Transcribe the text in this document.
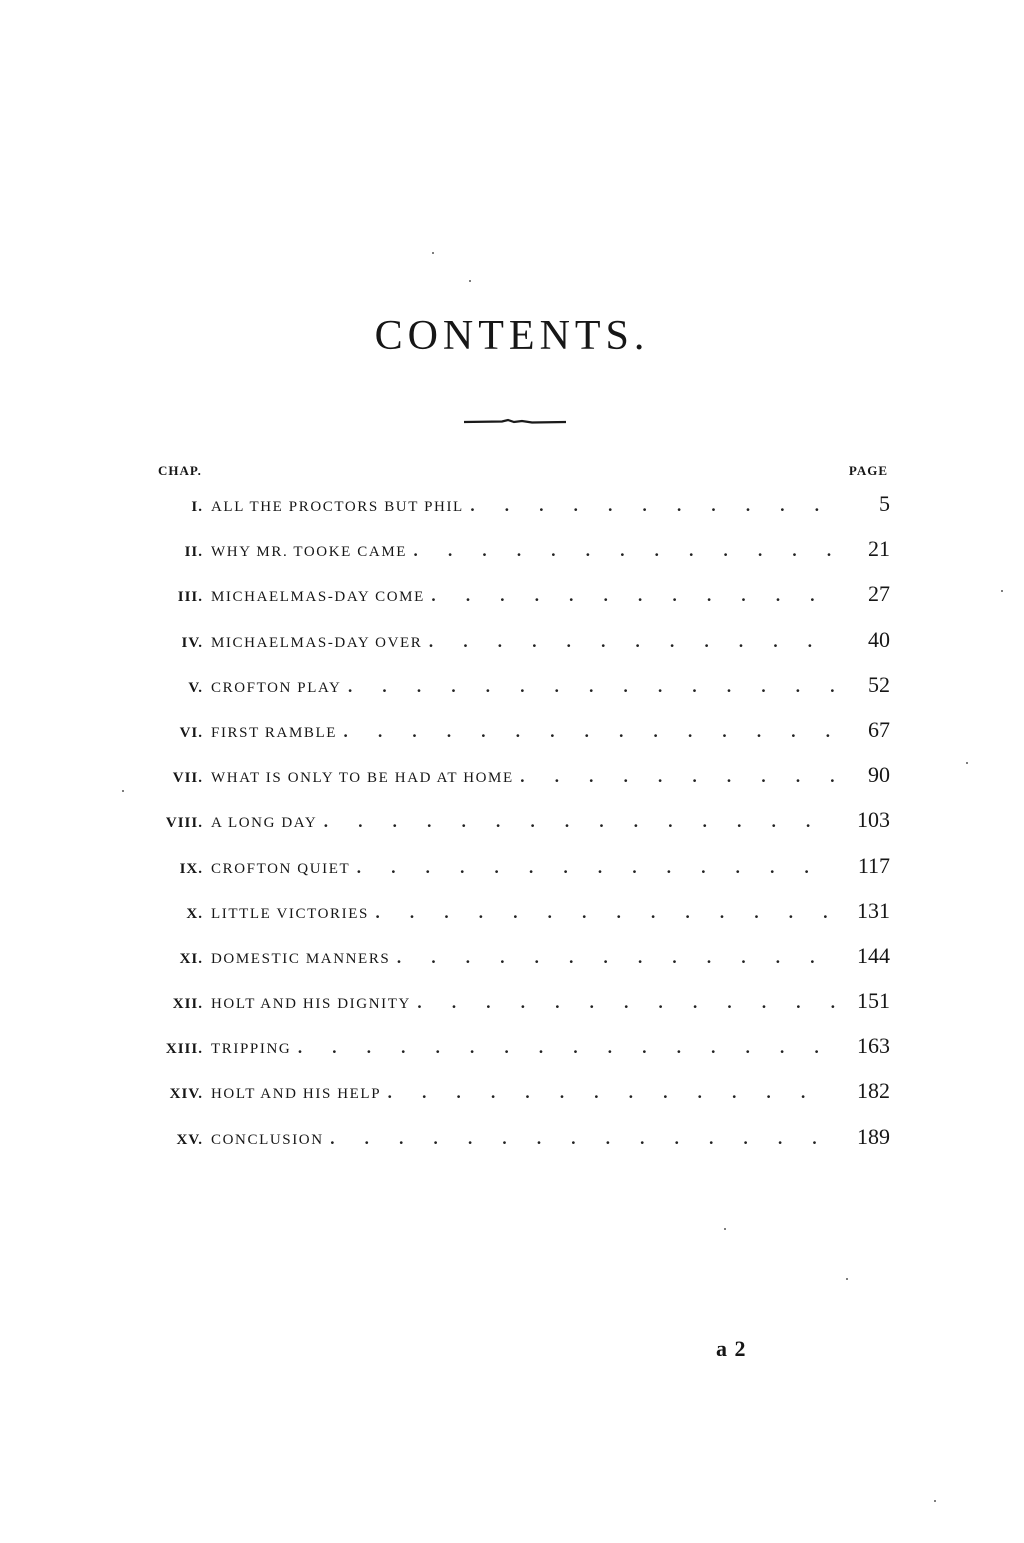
CONTENTS.
CHAP.	PAGE
I. ALL THE PROCTORS BUT PHIL . . .	5
II. WHY MR. TOOKE CAME . . .	21
III. MICHAELMAS-DAY COME . . .	27
IV. MICHAELMAS-DAY OVER . . .	40
V. CROFTON PLAY . . .	52
VI. FIRST RAMBLE . . .	67
VII. WHAT IS ONLY TO BE HAD AT HOME . . .	90
VIII. A LONG DAY . . .	103
IX. CROFTON QUIET . . .	117
X. LITTLE VICTORIES . . .	131
XI. DOMESTIC MANNERS . . .	144
XII. HOLT AND HIS DIGNITY . . .	151
XIII. TRIPPING . . .	163
XIV. HOLT AND HIS HELP . . .	182
XV. CONCLUSION . . .	189
a 2
